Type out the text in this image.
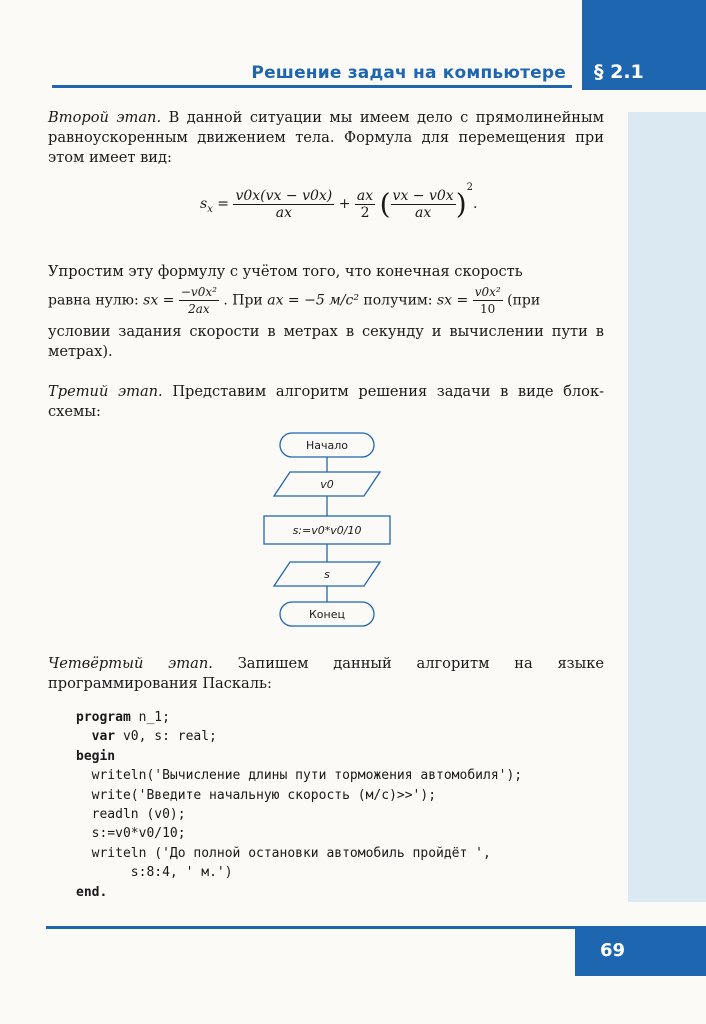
§ 2.1
Решение задач на компьютере
Второй этап. В данной ситуации мы имеем дело с прямолинейным равноускоренным движением тела. Формула для перемещения при этом имеет вид:
$s_x = \frac{v0x(vx - v0x)}{ax} + \frac{ax}{2}$ ( $\frac{vx - v0x}{ax} )^2$.
Упростим эту формулу с учётом того, что конечная скорость
равна нулю: sx = $\frac{\text{−v0x²}}{2ax}$ . При ax = −5 м/с² получим: sx = $\frac{\text{v0x²}}{10} (при$
условии задания скорости в метрах в секунду и вычислении пути в метрах).
Третий этап. Представим алгоритм решения задачи в виде блок-схемы:
Начало
v0
s:=v0*v0/10
s
Конец
Четвёртый этап. Запишем данный алгоритм на языке программирования Паскаль:
program n_1;
var v0, s: real;
begin
writeln('Вычисление длины пути торможения автомобиля');
write('Введите начальную скорость (м/с)>>');
readln (v0);
s:=v0*v0/10;
writeln ('До полной остановки автомобиль пройдёт ',
s:8:4, ' м.')
end.
69
